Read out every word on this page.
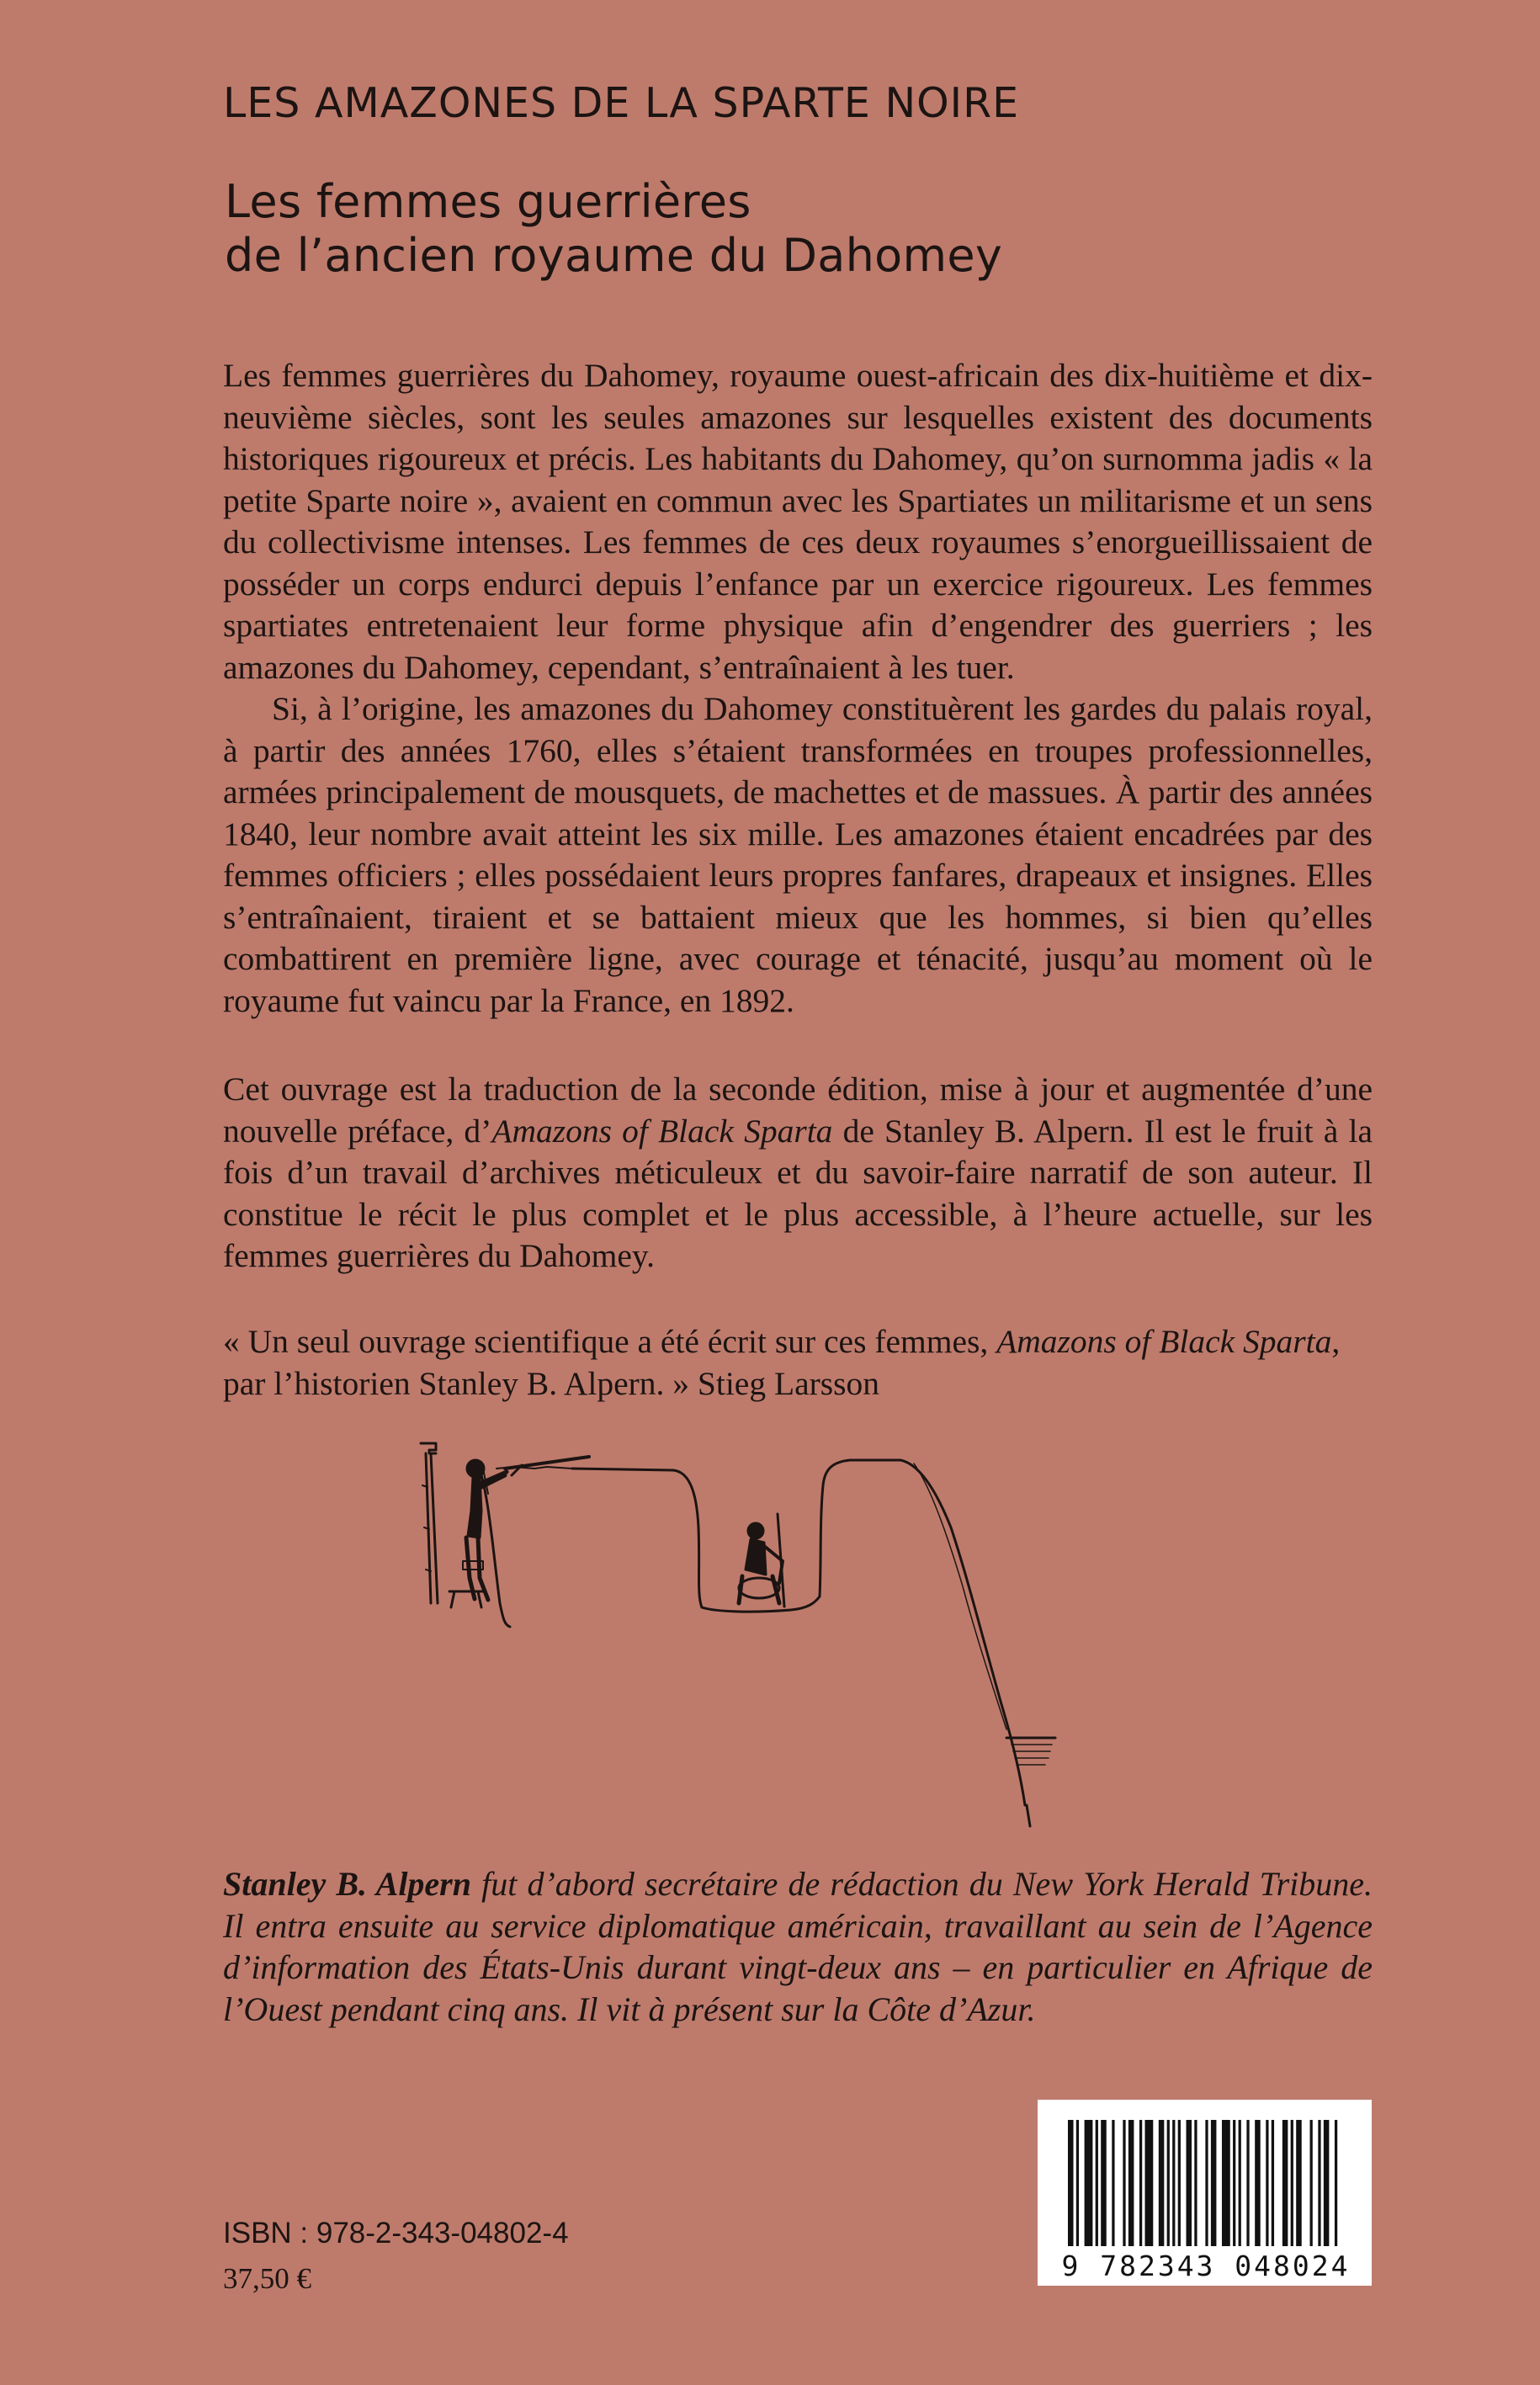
LES AMAZONES DE LA SPARTE NOIRE
Les femmes guerrières
de l’ancien royaume du Dahomey

Les femmes guerrières du Dahomey, royaume ouest-africain des dix-huitième et dix-neuvième siècles, sont les seules amazones sur lesquelles existent des documents historiques rigoureux et précis. Les habitants du Dahomey, qu’on surnomma jadis « la petite Sparte noire », avaient en commun avec les Spartiates un militarisme et un sens du collectivisme intenses. Les femmes de ces deux royaumes s’enorgueillissaient de posséder un corps endurci depuis l’enfance par un exercice rigoureux. Les femmes spartiates entretenaient leur forme physique afin d’engendrer des guerriers ; les amazones du Dahomey, cependant, s’entraînaient à les tuer.

Si, à l’origine, les amazones du Dahomey constituèrent les gardes du palais royal, à partir des années 1760, elles s’étaient transformées en troupes professionnelles, armées principalement de mousquets, de machettes et de massues. À partir des années 1840, leur nombre avait atteint les six mille. Les amazones étaient encadrées par des femmes officiers ; elles possédaient leurs propres fanfares, drapeaux et insignes. Elles s’entraînaient, tiraient et se battaient mieux que les hommes, si bien qu’elles combattirent en première ligne, avec courage et ténacité, jusqu’au moment où le royaume fut vaincu par la France, en 1892.

Cet ouvrage est la traduction de la seconde édition, mise à jour et augmentée d’une nouvelle préface, d’Amazons of Black Sparta de Stanley B. Alpern. Il est le fruit à la fois d’un travail d’archives méticuleux et du savoir-faire narratif de son auteur. Il constitue le récit le plus complet et le plus accessible, à l’heure actuelle, sur les femmes guerrières du Dahomey.

« Un seul ouvrage scientifique a été écrit sur ces femmes, Amazons of Black Sparta,
par l’historien Stanley B. Alpern. » Stieg Larsson

Stanley B. Alpern fut d’abord secrétaire de rédaction du New York Herald Tribune. Il entra ensuite au service diplomatique américain, travaillant au sein de l’Agence d’information des États-Unis durant vingt-deux ans – en particulier en Afrique de l’Ouest pendant cinq ans. Il vit à présent sur la Côte d’Azur.
9 782343 048024
ISBN : 978-2-343-04802-4
37,50 €
